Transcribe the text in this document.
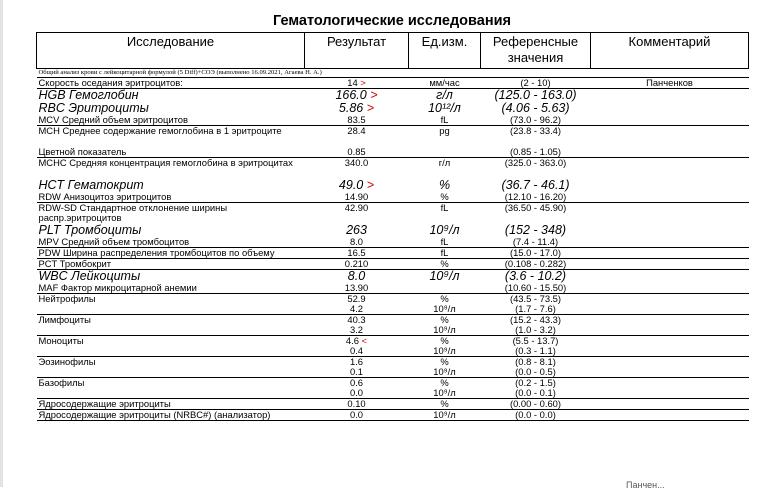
Гематологические исследования
Исследование	Результат	Ед.изм.	Референсные значения	Комментарий
Общий анализ крови с лейкоцитарной формулой (5 Diff)+СОЭ (выполнено 16.09.2021, Агаева Н. А.)				
Скорость оседания эритроцитов:	14 >	мм/час	(2 - 10)	Панченков
HGB Гемоглобин	166.0 >	г/л	(125.0 - 163.0)	
RBC Эритроциты	5.86 >	10¹²/л	(4.06 - 5.63)	
MCV Средний объем эритроцитов	83.5	fL	(73.0 - 96.2)	
MCH Среднее содержание гемоглобина в 1 эритроците	28.4	pg	(23.8 - 33.4)	
Цветной показатель	0.85		(0.85 - 1.05)	
MCHC Средняя концентрация гемоглобина в эритроцитах	340.0	г/л	(325.0 - 363.0)	
HCT Гематокрит	49.0 >	%	(36.7 - 46.1)	
RDW Анизоцитоз эритроцитов	14.90	%	(12.10 - 16.20)	
RDW-SD Стандартное отклонение ширины распр.эритроцитов	42.90	fL	(36.50 - 45.90)	
PLT Тромбоциты	263	10⁹/л	(152 - 348)	
MPV Средний объем тромбоцитов	8.0	fL	(7.4 - 11.4)	
PDW Ширина распределения тромбоцитов по объему	16.5	fL	(15.0 - 17.0)	
PCT Тромбокрит	0.210	%	(0.108 - 0.282)	
WBC Лейкоциты	8.0	10⁹/л	(3.6 - 10.2)	
MAF Фактор микроцитарной анемии	13.90		(10.60 - 15.50)	
Нейтрофилы	52.9	%	(43.5 - 73.5)	
	4.2	10⁹/л	(1.7 - 7.6)	
Лимфоциты	40.3	%	(15.2 - 43.3)	
	3.2	10⁹/л	(1.0 - 3.2)	
Моноциты	4.6 <	%	(5.5 - 13.7)	
	0.4	10⁹/л	(0.3 - 1.1)	
Эозинофилы	1.6	%	(0.8 - 8.1)	
	0.1	10⁹/л	(0.0 - 0.5)	
Базофилы	0.6	%	(0.2 - 1.5)	
	0.0	10⁹/л	(0.0 - 0.1)	
Ядросодержащие эритроциты	0.10	%	(0.00 - 0.60)	
Ядросодержащие эритроциты (NRBC#) (анализатор)	0.0	10⁹/л	(0.0 - 0.0)	
Панчен...
